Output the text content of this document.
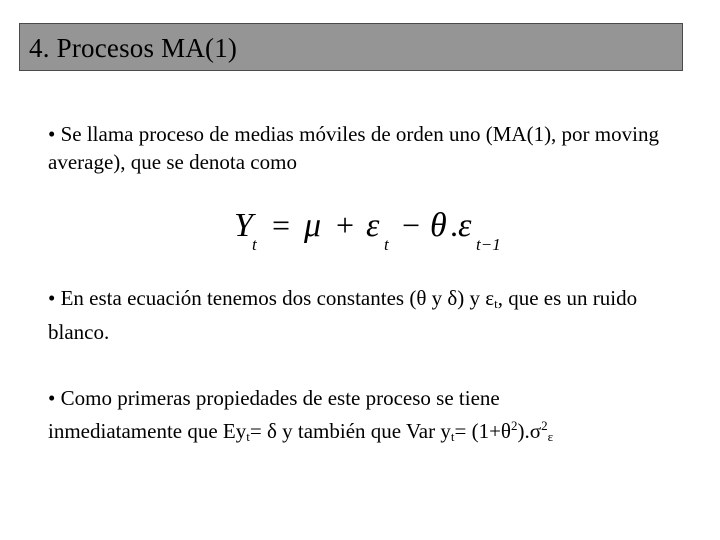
4. Procesos MA(1)
• Se llama proceso de medias móviles de orden uno (MA(1), por moving average), que se denota como
Y
t
= μ + ε
t
− θ . ε
t−1
• En esta ecuación tenemos dos constantes (θ y δ) y $\varepsilon_t$, que es un ruido blanco.
• Como primeras propiedades de este proceso se tiene
inmediatamente que $Ey_t= \delta$ y también que Var $y_t= (1+\theta^2).\sigma^2_\varepsilon$
